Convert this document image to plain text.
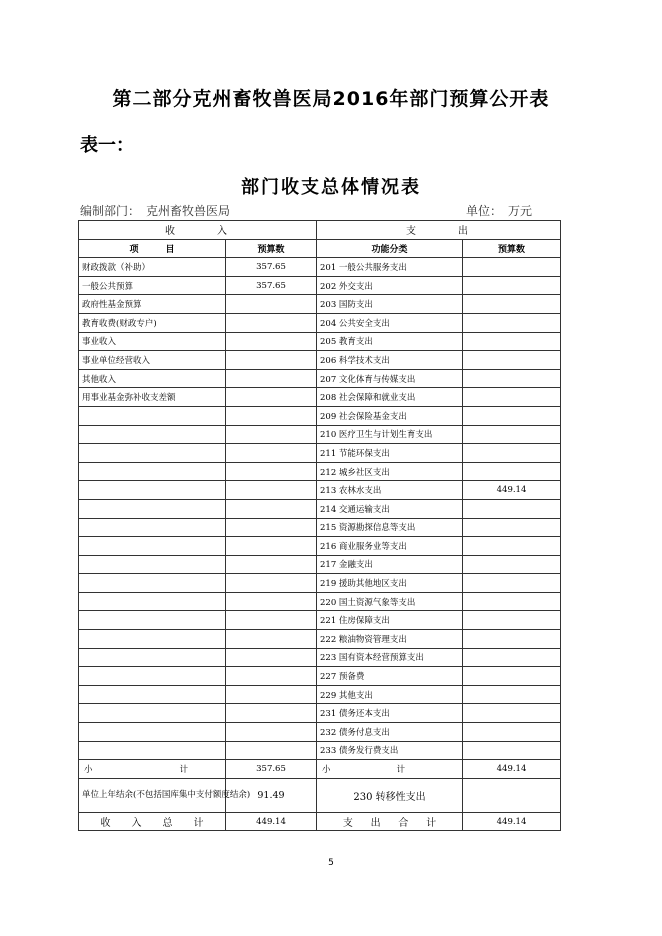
第二部分克州畜牧兽医局2016年部门预算公开表
表一：
部门收支总体情况表
编制部门： 克州畜牧兽医局	单位： 万元
收　　　入		支　　　出	
项　　　目	预算数	功能分类	预算数
财政拨款（补助）	357.65	201 一般公共服务支出	
一般公共预算	357.65	202 外交支出	
政府性基金预算		203 国防支出	
教育收费(财政专户)		204 公共安全支出	
事业收入		205 教育支出	
事业单位经营收入		206 科学技术支出	
其他收入		207 文化体育与传媒支出	
用事业基金弥补收支差额		208 社会保障和就业支出	
		209 社会保险基金支出	
		210 医疗卫生与计划生育支出	
		211 节能环保支出	
		212 城乡社区支出	
		213 农林水支出	449.14
		214 交通运输支出	
		215 资源勘探信息等支出	
		216 商业服务业等支出	
		217 金融支出	
		219 援助其他地区支出	
		220 国土资源气象等支出	
		221 住房保障支出	
		222 粮油物资管理支出	
		223 国有资本经营预算支出	
		227 预备费	
		229 其他支出	
		231 债务还本支出	
		232 债务付息支出	
		233 债务发行费支出	

小 计	357.65	小 计	449.14
单位上年结余(不包括国库集中支付额度结余)	91.49	230 转移性支出	

收 入 总 计	449.14	支 出 合 计	449.14
5
